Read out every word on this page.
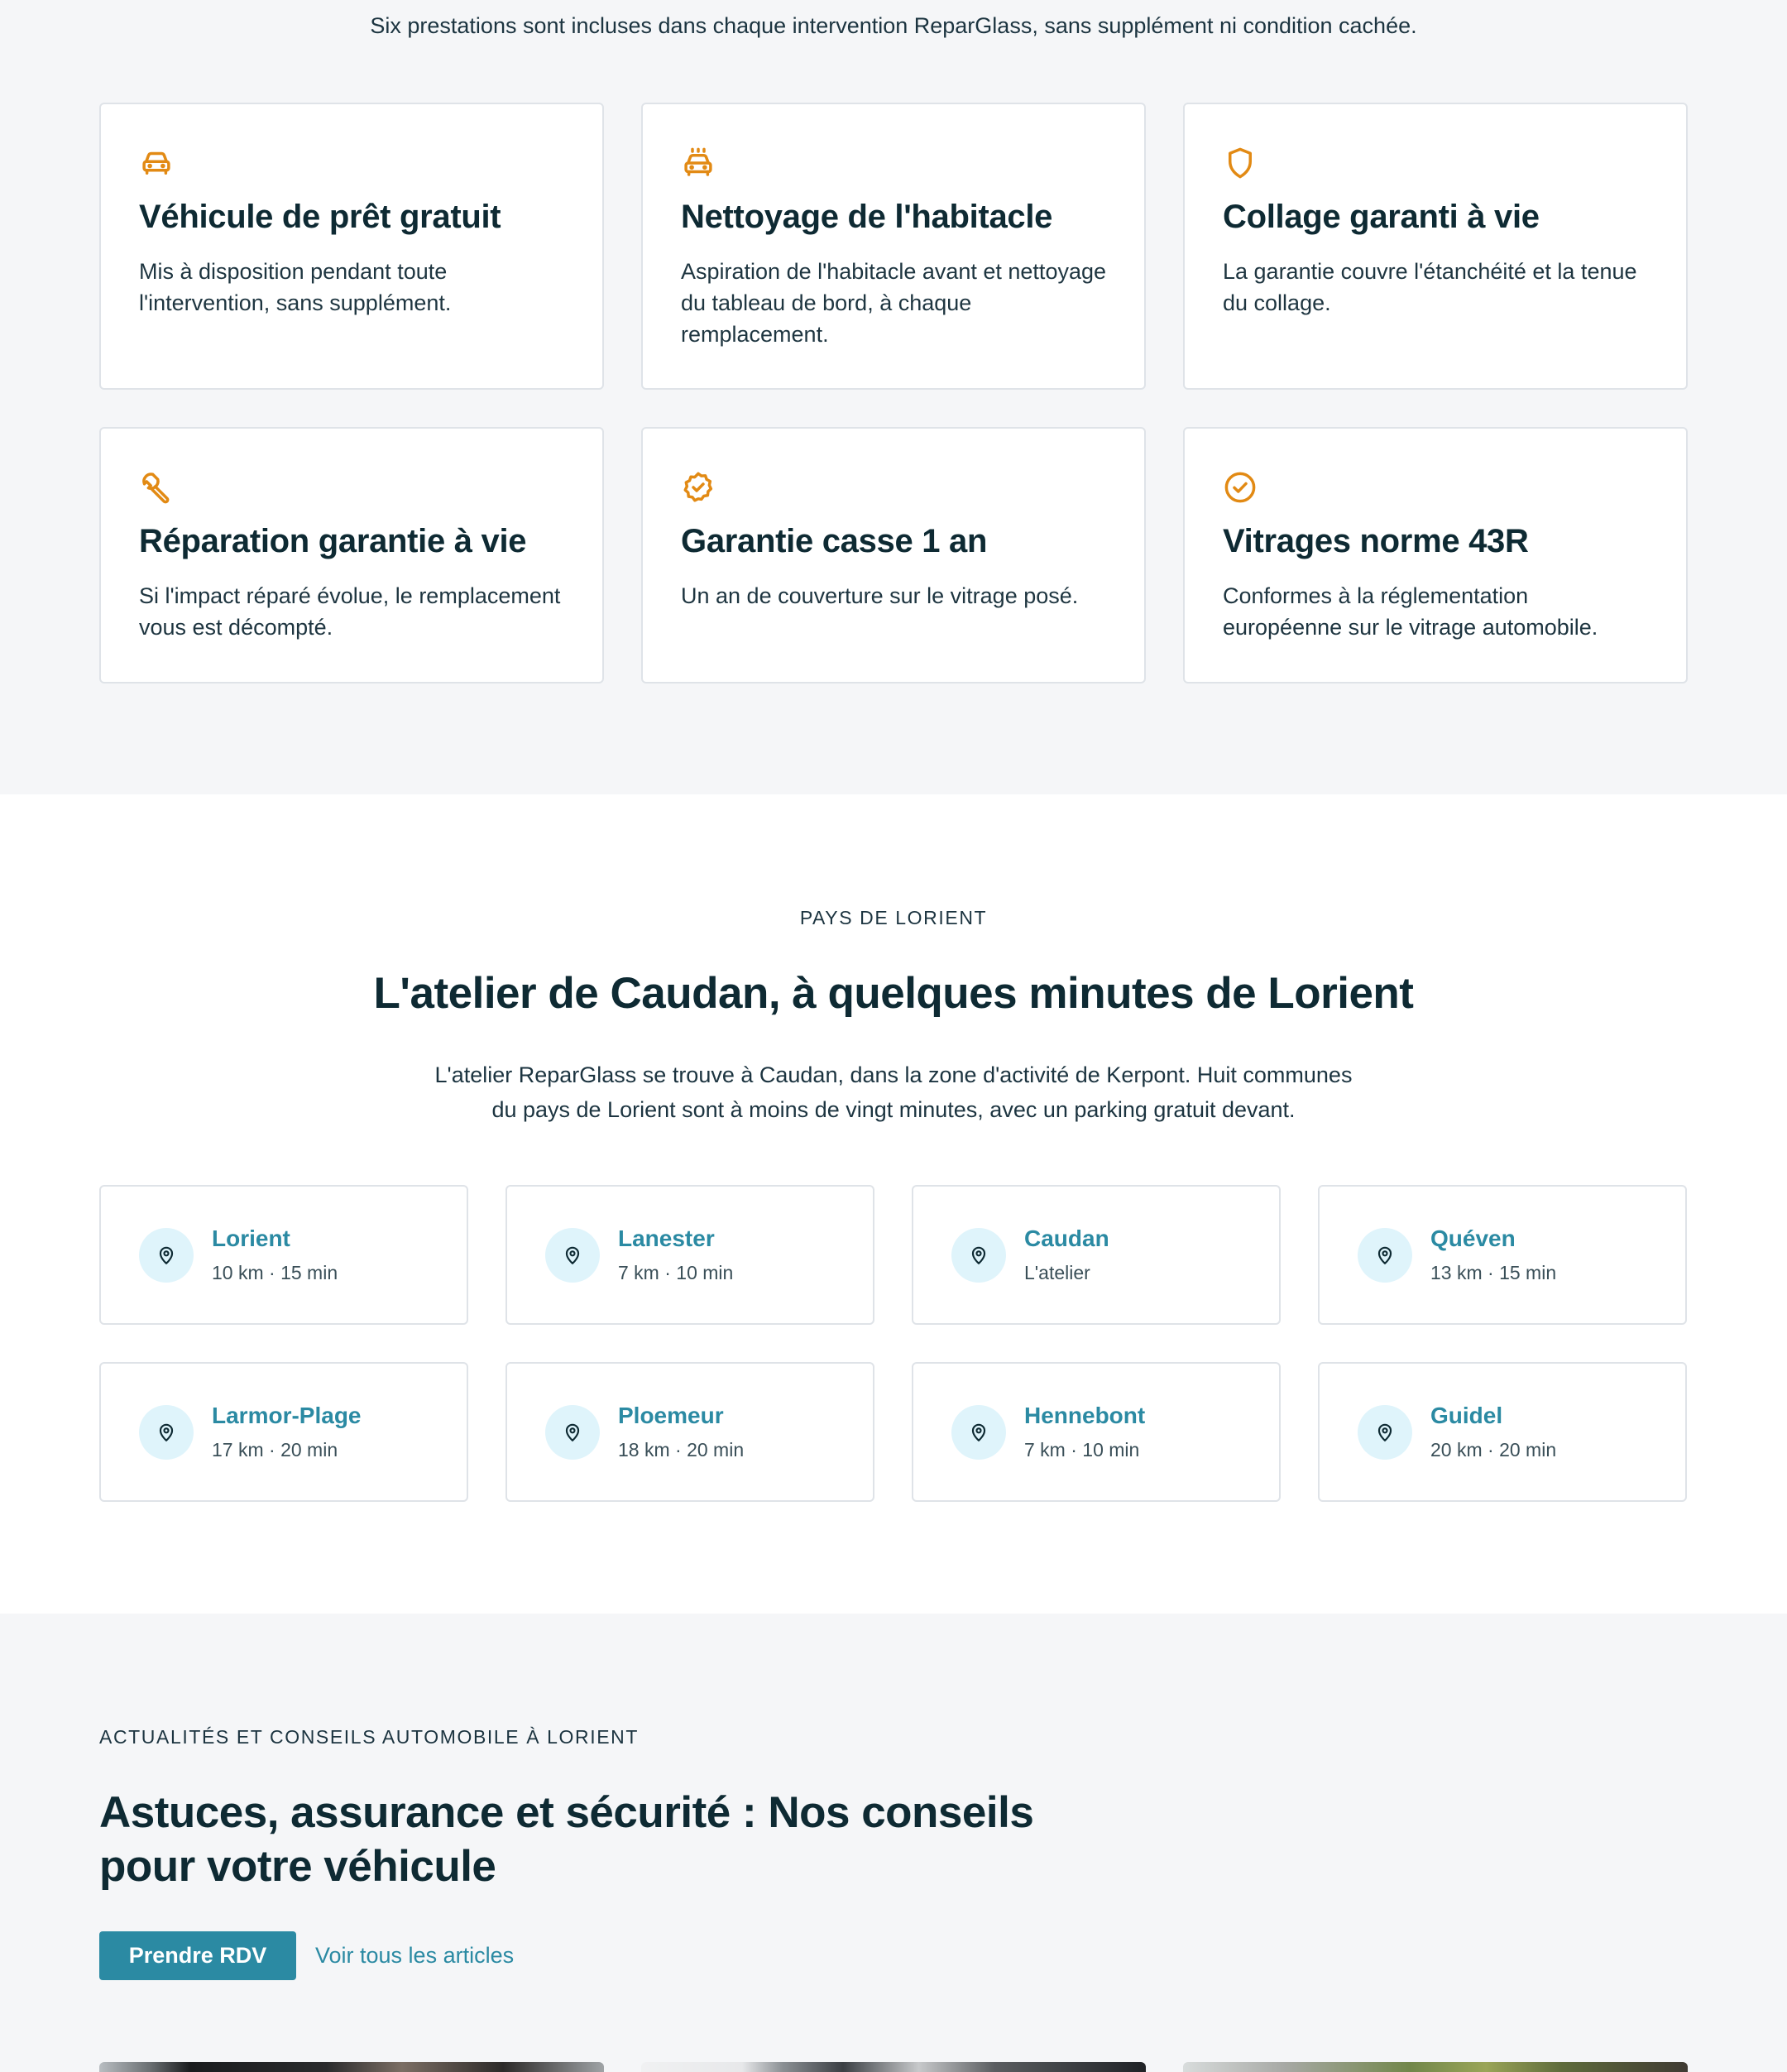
Six prestations sont incluses dans chaque intervention ReparGlass, sans supplément ni condition cachée.

Véhicule de prêt gratuit

Mis à disposition pendant toute l'intervention, sans supplément.

Nettoyage de l'habitacle

Aspiration de l'habitacle avant et nettoyage du tableau de bord, à chaque remplacement.

Collage garanti à vie

La garantie couvre l'étanchéité et la tenue du collage.

Réparation garantie à vie

Si l'impact réparé évolue, le remplacement vous est décompté.

Garantie casse 1 an

Un an de couverture sur le vitrage posé.

Vitrages norme 43R

Conformes à la réglementation européenne sur le vitrage automobile.

PAYS DE LORIENT

L'atelier de Caudan, à quelques minutes de Lorient

L'atelier ReparGlass se trouve à Caudan, dans la zone d'activité de Kerpont. Huit communes du pays de Lorient sont à moins de vingt minutes, avec un parking gratuit devant.

Lorient
10 km · 15 min
Lanester
7 km · 10 min
Caudan
L'atelier
Quéven
13 km · 15 min
Larmor-Plage
17 km · 20 min
Ploemeur
18 km · 20 min
Hennebont
7 km · 10 min
Guidel
20 km · 20 min

ACTUALITÉS ET CONSEILS AUTOMOBILE À LORIENT

Astuces, assurance et sécurité : Nos conseils pour votre véhicule
Prendre RDV	Voir tous les articles
